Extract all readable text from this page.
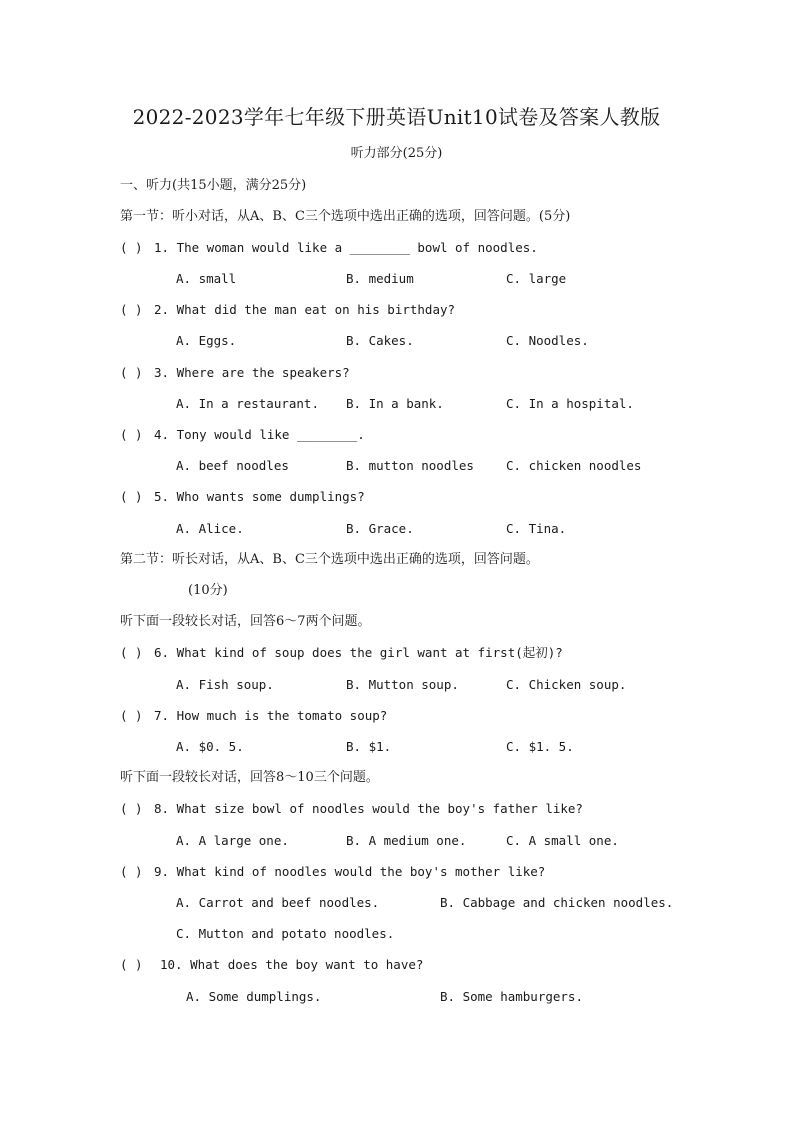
2022-2023学年七年级下册英语Unit10试卷及答案人教版
听力部分(25分)
一、听力(共15小题，满分25分)
第一节：听小对话，从A、B、C三个选项中选出正确的选项，回答问题。(5分)
( ) 1. The woman would like a ________ bowl of noodles.
A. small	B. medium	C. large
( ) 2. What did the man eat on his birthday?
A. Eggs.	B. Cakes.	C. Noodles.
( ) 3. Where are the speakers?
A. In a restaurant. B. In a bank.	C. In a hospital.
( ) 4. Tony would like ________.
A. beef noodles	B. mutton noodles	C. chicken noodles
( ) 5. Who wants some dumplings?
A. Alice.	B. Grace.	C. Tina.
第二节：听长对话，从A、B、C三个选项中选出正确的选项，回答问题。
(10分)
听下面一段较长对话，回答6～7两个问题。
( ) 6. What kind of soup does the girl want at first(起初)?
A. Fish soup.	B. Mutton soup.	C. Chicken soup.
( ) 7. How much is the tomato soup?
A. $0. 5.	B. $1.	C. $1. 5.
听下面一段较长对话，回答8～10三个问题。
( ) 8. What size bowl of noodles would the boy's father like?
A. A large one.	B. A medium one.	C. A small one.
( ) 9. What kind of noodles would the boy's mother like?
A. Carrot and beef noodles.	B. Cabbage and chicken noodles.
C. Mutton and potato noodles.
( ) 10. What does the boy want to have?
A. Some dumplings.	B. Some hamburgers.
